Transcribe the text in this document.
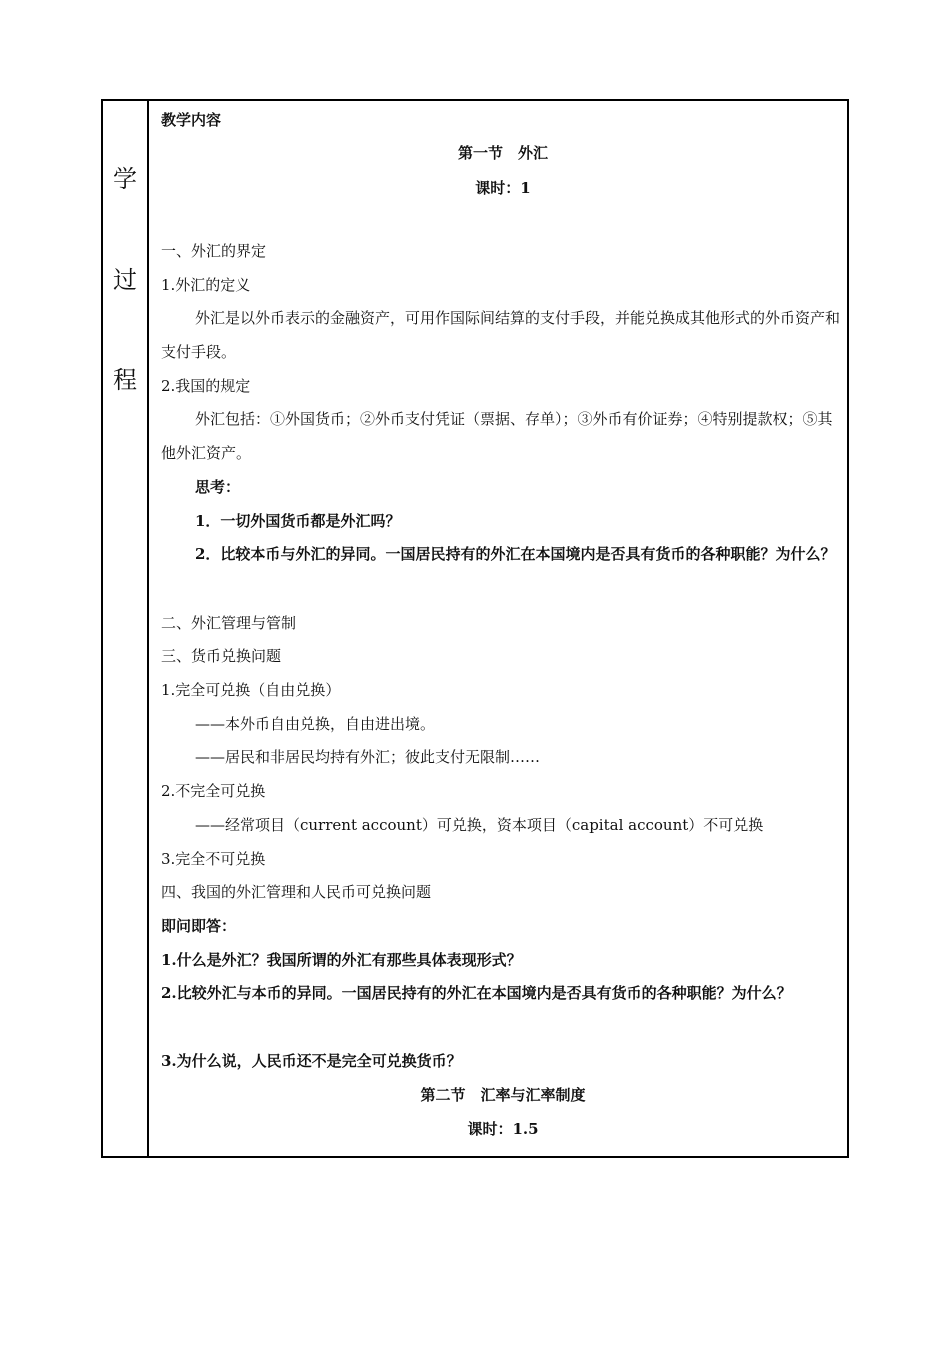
学
过
程
教学内容
第一节　外汇
课时：1
一、外汇的界定
1.外汇的定义
外汇是以外币表示的金融资产，可用作国际间结算的支付手段，并能兑换成其他形式的外币资产和支付手段。
2.我国的规定
外汇包括：①外国货币；②外币支付凭证（票据、存单）；③外币有价证券；④特别提款权；⑤其他外汇资产。
思考：
1．一切外国货币都是外汇吗？
2．比较本币与外汇的异同。一国居民持有的外汇在本国境内是否具有货币的各种职能？为什么？
二、外汇管理与管制
三、货币兑换问题
1.完全可兑换（自由兑换）
——本外币自由兑换，自由进出境。
——居民和非居民均持有外汇；彼此支付无限制……
2.不完全可兑换
——经常项目（current account）可兑换，资本项目（capital account）不可兑换
3.完全不可兑换
四、我国的外汇管理和人民币可兑换问题
即问即答：
1.什么是外汇？我国所谓的外汇有那些具体表现形式？
2.比较外汇与本币的异同。一国居民持有的外汇在本国境内是否具有货币的各种职能？为什么？
3.为什么说，人民币还不是完全可兑换货币？
第二节　汇率与汇率制度
课时：1.5
